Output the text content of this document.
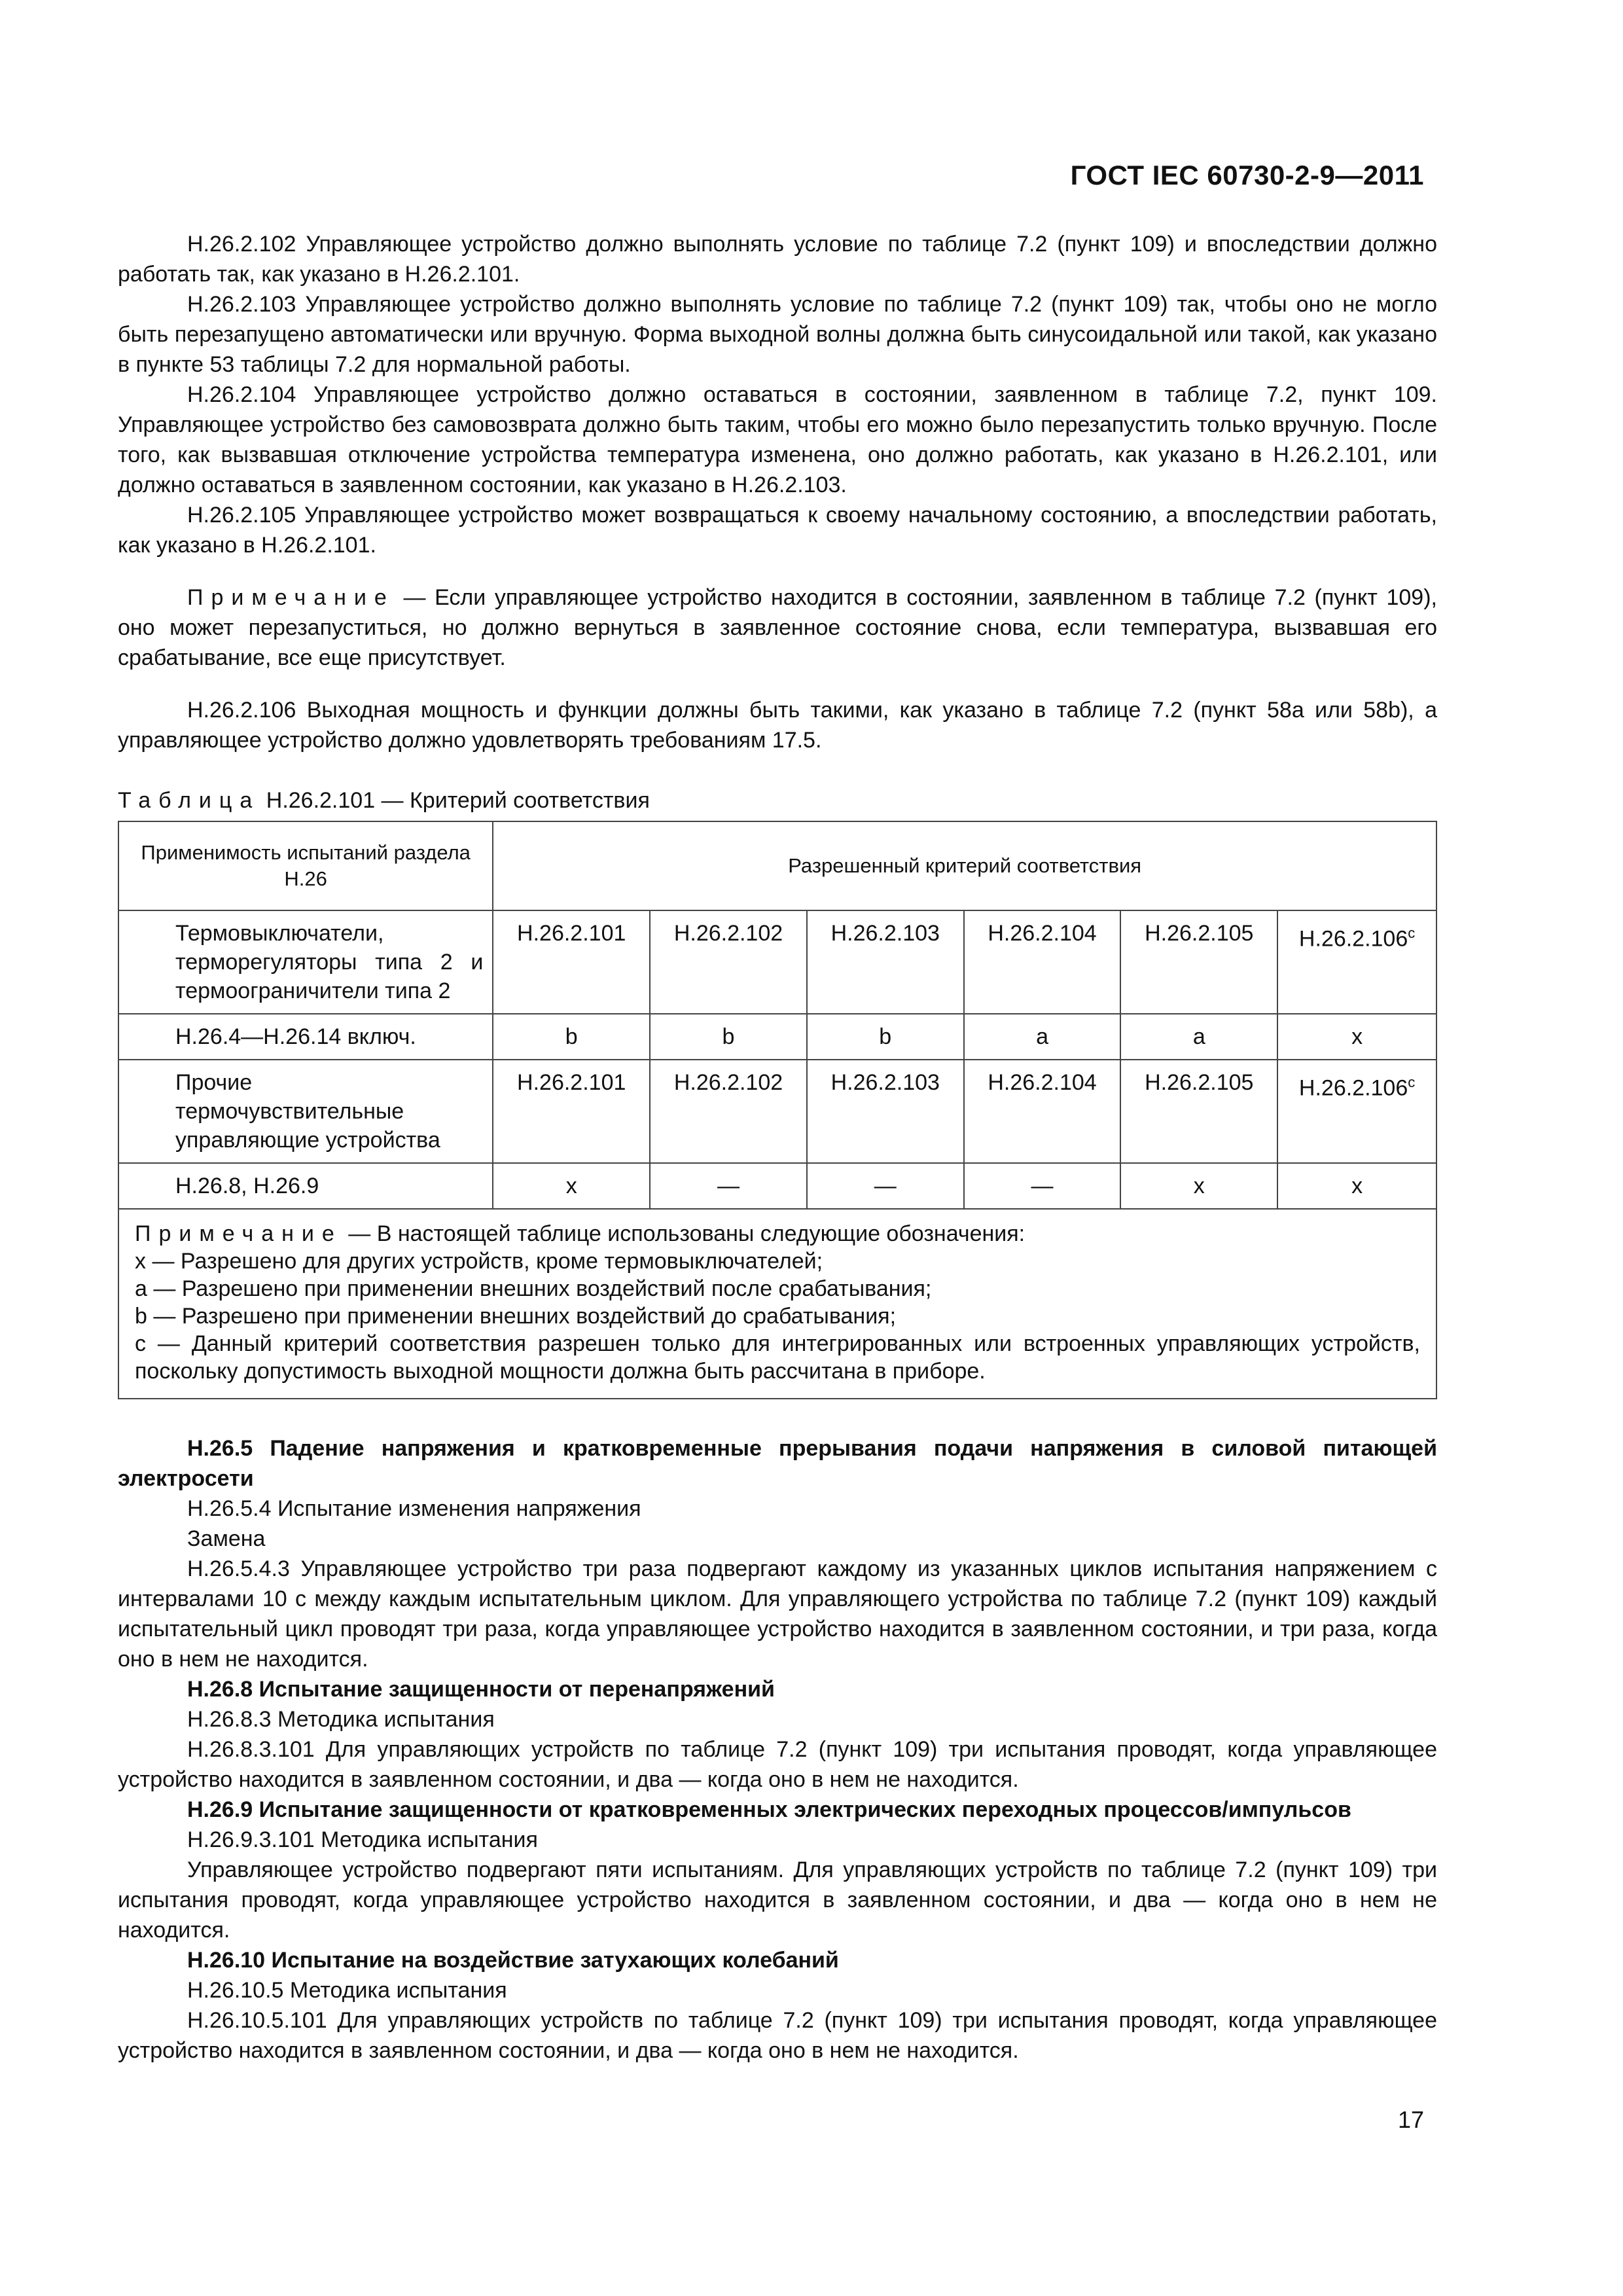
ГОСТ IEC 60730-2-9—2011

H.26.2.102 Управляющее устройство должно выполнять условие по таблице 7.2 (пункт 109) и впоследствии должно работать так, как указано в H.26.2.101.

H.26.2.103 Управляющее устройство должно выполнять условие по таблице 7.2 (пункт 109) так, чтобы оно не могло быть перезапущено автоматически или вручную. Форма выходной волны должна быть синусоидальной или такой, как указано в пункте 53 таблицы 7.2 для нормальной работы.

H.26.2.104 Управляющее устройство должно оставаться в состоянии, заявленном в таблице 7.2, пункт 109. Управляющее устройство без самовозврата должно быть таким, чтобы его можно было перезапустить только вручную. После того, как вызвавшая отключение устройства температура изменена, оно должно работать, как указано в H.26.2.101, или должно оставаться в заявленном состоянии, как указано в H.26.2.103.

H.26.2.105 Управляющее устройство может возвращаться к своему начальному состоянию, а впоследствии работать, как указано в H.26.2.101.

Примечание — Если управляющее устройство находится в состоянии, заявленном в таблице 7.2 (пункт 109), оно может перезапуститься, но должно вернуться в заявленное состояние снова, если температура, вызвавшая его срабатывание, все еще присутствует.

H.26.2.106 Выходная мощность и функции должны быть такими, как указано в таблице 7.2 (пункт 58a или 58b), а управляющее устройство должно удовлетворять требованиям 17.5.

Таблица H.26.2.101 — Критерий соответствия
Применимость испытаний раздела H.26	Разрешенный критерий соответствия					
Термовыключатели, терморегуляторы типа 2 и термоограничители типа 2	H.26.2.101	H.26.2.102	H.26.2.103	H.26.2.104	H.26.2.105	H.26.2.106$^c$
H.26.4—H.26.14 включ.	b	b	b	a	a	x
Прочие термочувствительные управляющие устройства	H.26.2.101	H.26.2.102	H.26.2.103	H.26.2.104	H.26.2.105	H.26.2.106$^c$
H.26.8, H.26.9	x	—	—	—	x	x

Примечание — В настоящей таблице использованы следующие обозначения:
x — Разрешено для других устройств, кроме термовыключателей;
a — Разрешено при применении внешних воздействий после срабатывания;
b — Разрешено при применении внешних воздействий до срабатывания;
c — Данный критерий соответствия разрешен только для интегрированных или встроенных управляющих устройств, поскольку допустимость выходной мощности должна быть рассчитана в приборе.						

H.26.5 Падение напряжения и кратковременные прерывания подачи напряжения в силовой питающей электросети

H.26.5.4 Испытание изменения напряжения

Замена

H.26.5.4.3 Управляющее устройство три раза подвергают каждому из указанных циклов испытания напряжением с интервалами 10 с между каждым испытательным циклом. Для управляющего устройства по таблице 7.2 (пункт 109) каждый испытательный цикл проводят три раза, когда управляющее устройство находится в заявленном состоянии, и три раза, когда оно в нем не находится.

H.26.8 Испытание защищенности от перенапряжений

H.26.8.3 Методика испытания

H.26.8.3.101 Для управляющих устройств по таблице 7.2 (пункт 109) три испытания проводят, когда управляющее устройство находится в заявленном состоянии, и два — когда оно в нем не находится.

H.26.9 Испытание защищенности от кратковременных электрических переходных процессов/импульсов

H.26.9.3.101 Методика испытания

Управляющее устройство подвергают пяти испытаниям. Для управляющих устройств по таблице 7.2 (пункт 109) три испытания проводят, когда управляющее устройство находится в заявленном состоянии, и два — когда оно в нем не находится.

H.26.10 Испытание на воздействие затухающих колебаний

H.26.10.5 Методика испытания

H.26.10.5.101 Для управляющих устройств по таблице 7.2 (пункт 109) три испытания проводят, когда управляющее устройство находится в заявленном состоянии, и два — когда оно в нем не находится.

17
